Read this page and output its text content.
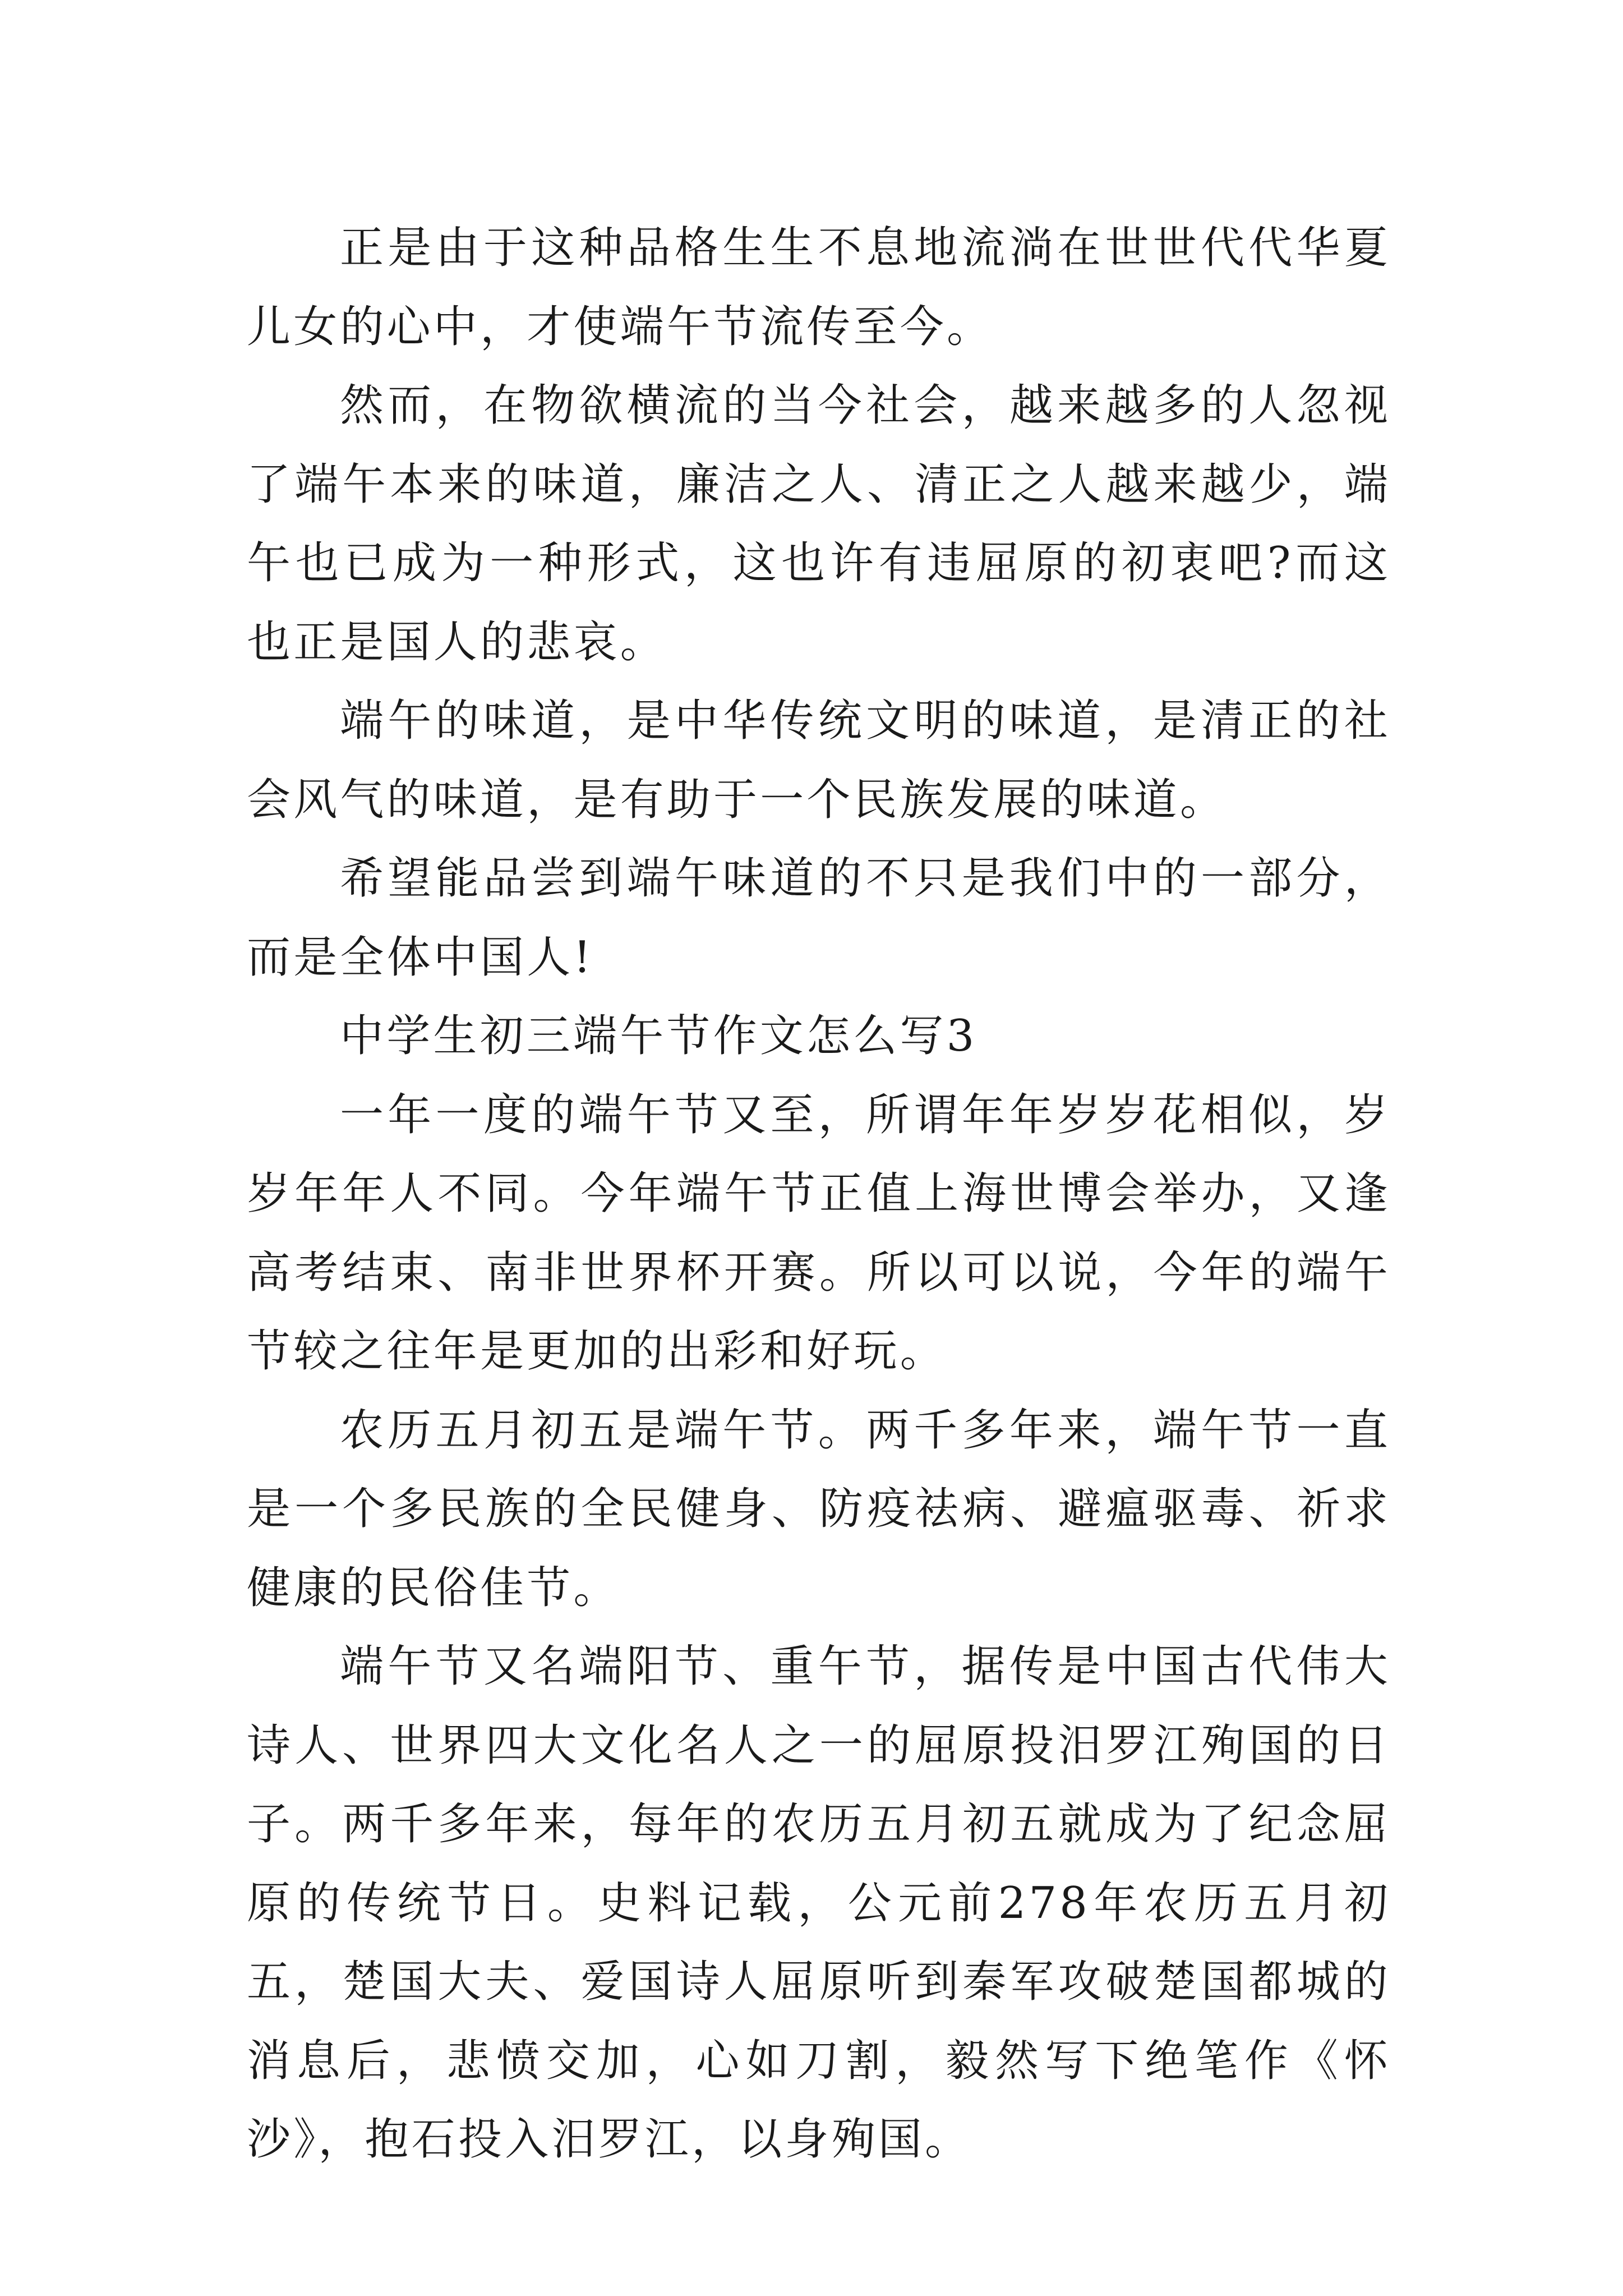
正是由于这种品格生生不息地流淌在世世代代华夏儿女的心中，才使端午节流传至今。

然而，在物欲横流的当今社会，越来越多的人忽视了端午本来的味道，廉洁之人、清正之人越来越少，端午也已成为一种形式，这也许有违屈原的初衷吧?而这也正是国人的悲哀。

端午的味道，是中华传统文明的味道，是清正的社会风气的味道，是有助于一个民族发展的味道。

希望能品尝到端午味道的不只是我们中的一部分，而是全体中国人!

中学生初三端午节作文怎么写3

一年一度的端午节又至，所谓年年岁岁花相似，岁岁年年人不同。今年端午节正值上海世博会举办，又逢高考结束、南非世界杯开赛。所以可以说，今年的端午节较之往年是更加的出彩和好玩。

农历五月初五是端午节。两千多年来，端午节一直是一个多民族的全民健身、防疫祛病、避瘟驱毒、祈求健康的民俗佳节。

端午节又名端阳节、重午节，据传是中国古代伟大诗人、世界四大文化名人之一的屈原投汨罗江殉国的日子。两千多年来，每年的农历五月初五就成为了纪念屈原的传统节日。史料记载，公元前278年农历五月初五，楚国大夫、爱国诗人屈原听到秦军攻破楚国都城的消息后，悲愤交加，心如刀割，毅然写下绝笔作《怀沙》，抱石投入汨罗江，以身殉国。
